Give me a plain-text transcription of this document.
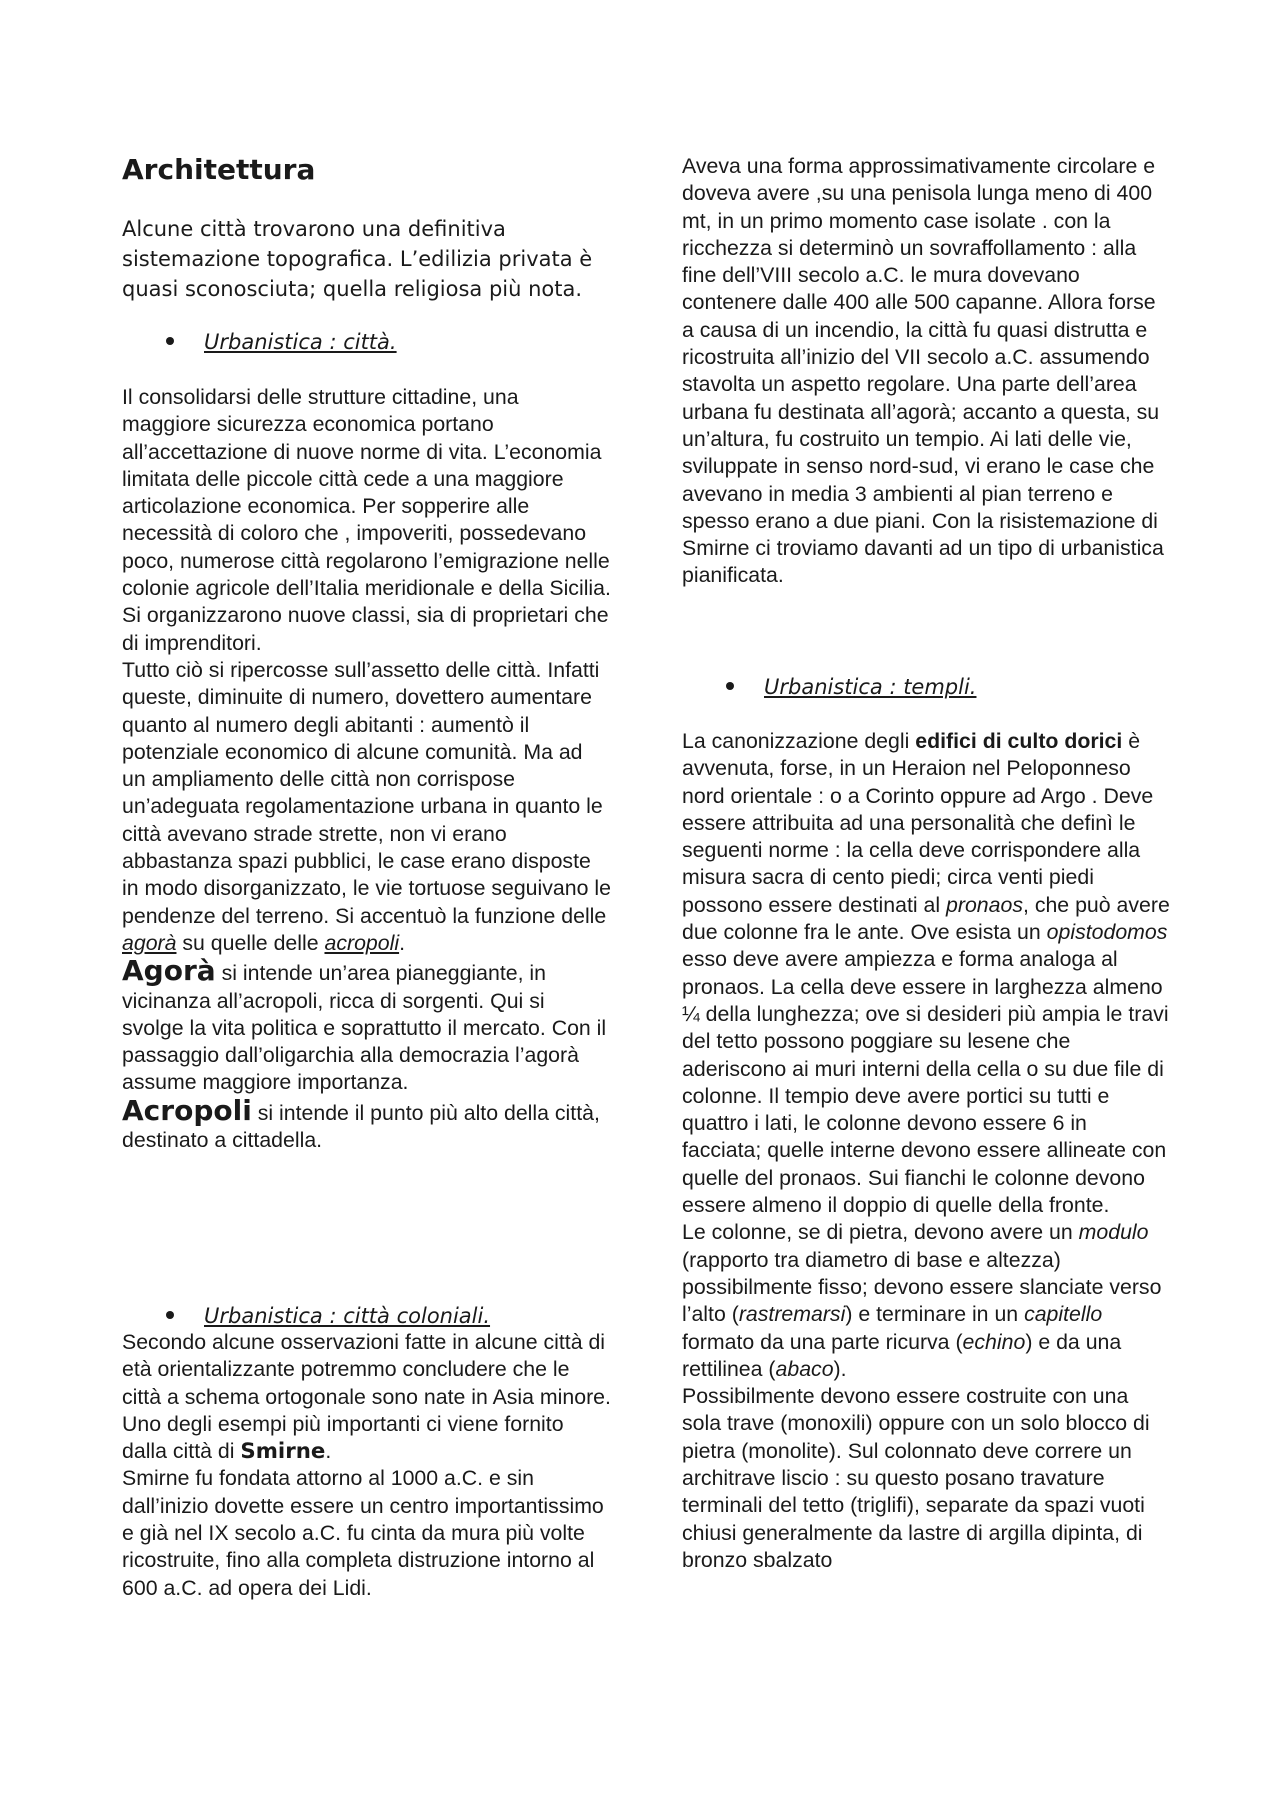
Architettura

Alcune città trovarono una definitiva sistemazione topografica. L’edilizia privata è quasi sconosciuta; quella religiosa più nota.

Urbanistica : città.

Il consolidarsi delle strutture cittadine, una maggiore sicurezza economica portano all’accettazione di nuove norme di vita. L’economia limitata delle piccole città cede a una maggiore articolazione economica. Per sopperire alle necessità di coloro che , impoveriti, possedevano poco, numerose città regolarono l’emigrazione nelle colonie agricole dell’Italia meridionale e della Sicilia. Si organizzarono nuove classi, sia di proprietari che di imprenditori.

Tutto ciò si ripercosse sull’assetto delle città. Infatti queste, diminuite di numero, dovettero aumentare quanto al numero degli abitanti : aumentò il potenziale economico di alcune comunità. Ma ad un ampliamento delle città non corrispose un’adeguata regolamentazione urbana in quanto le città avevano strade strette, non vi erano abbastanza spazi pubblici, le case erano disposte in modo disorganizzato, le vie tortuose seguivano le pendenze del terreno. Si accentuò la funzione delle agorà su quelle delle acropoli.

Agorà si intende un’area pianeggiante, in vicinanza all’acropoli, ricca di sorgenti. Qui si svolge la vita politica e soprattutto il mercato. Con il passaggio dall’oligarchia alla democrazia l’agorà assume maggiore importanza.

Acropoli si intende il punto più alto della città, destinato a cittadella.

Urbanistica : città coloniali.

Secondo alcune osservazioni fatte in alcune città di età orientalizzante potremmo concludere che le città a schema ortogonale sono nate in Asia minore. Uno degli esempi più importanti ci viene fornito dalla città di Smirne.

Smirne fu fondata attorno al 1000 a.C. e sin dall’inizio dovette essere un centro importantissimo e già nel IX secolo a.C. fu cinta da mura più volte ricostruite, fino alla completa distruzione intorno al 600 a.C. ad opera dei Lidi.

Aveva una forma approssimativamente circolare e doveva avere ,su una penisola lunga meno di 400 mt, in un primo momento case isolate . con la ricchezza si determinò un sovraffollamento : alla fine dell’VIII secolo a.C. le mura dovevano contenere dalle 400 alle 500 capanne. Allora forse a causa di un incendio, la città fu quasi distrutta e ricostruita all’inizio del VII secolo a.C. assumendo stavolta un aspetto regolare. Una parte dell’area urbana fu destinata all’agorà; accanto a questa, su un’altura, fu costruito un tempio. Ai lati delle vie, sviluppate in senso nord-sud, vi erano le case che avevano in media 3 ambienti al pian terreno e spesso erano a due piani. Con la risistemazione di Smirne ci troviamo davanti ad un tipo di urbanistica pianificata.

Urbanistica : templi.

La canonizzazione degli edifici di culto dorici è avvenuta, forse, in un Heraion nel Peloponneso nord orientale : o a Corinto oppure ad Argo . Deve essere attribuita ad una personalità che definì le seguenti norme : la cella deve corrispondere alla misura sacra di cento piedi; circa venti piedi possono essere destinati al pronaos, che può avere due colonne fra le ante. Ove esista un opistodomos esso deve avere ampiezza e forma analoga al pronaos. La cella deve essere in larghezza almeno ¼ della lunghezza; ove si desideri più ampia le travi del tetto possono poggiare su lesene che aderiscono ai muri interni della cella o su due file di colonne. Il tempio deve avere portici su tutti e quattro i lati, le colonne devono essere 6 in facciata; quelle interne devono essere allineate con quelle del pronaos. Sui fianchi le colonne devono essere almeno il doppio di quelle della fronte.

Le colonne, se di pietra, devono avere un modulo (rapporto tra diametro di base e altezza) possibilmente fisso; devono essere slanciate verso l’alto (rastremarsi) e terminare in un capitello formato da una parte ricurva (echino) e da una rettilinea (abaco).

Possibilmente devono essere costruite con una sola trave (monoxili) oppure con un solo blocco di pietra (monolite). Sul colonnato deve correre un architrave liscio : su questo posano travature terminali del tetto (triglifi), separate da spazi vuoti chiusi generalmente da lastre di argilla dipinta, di bronzo sbalzato
